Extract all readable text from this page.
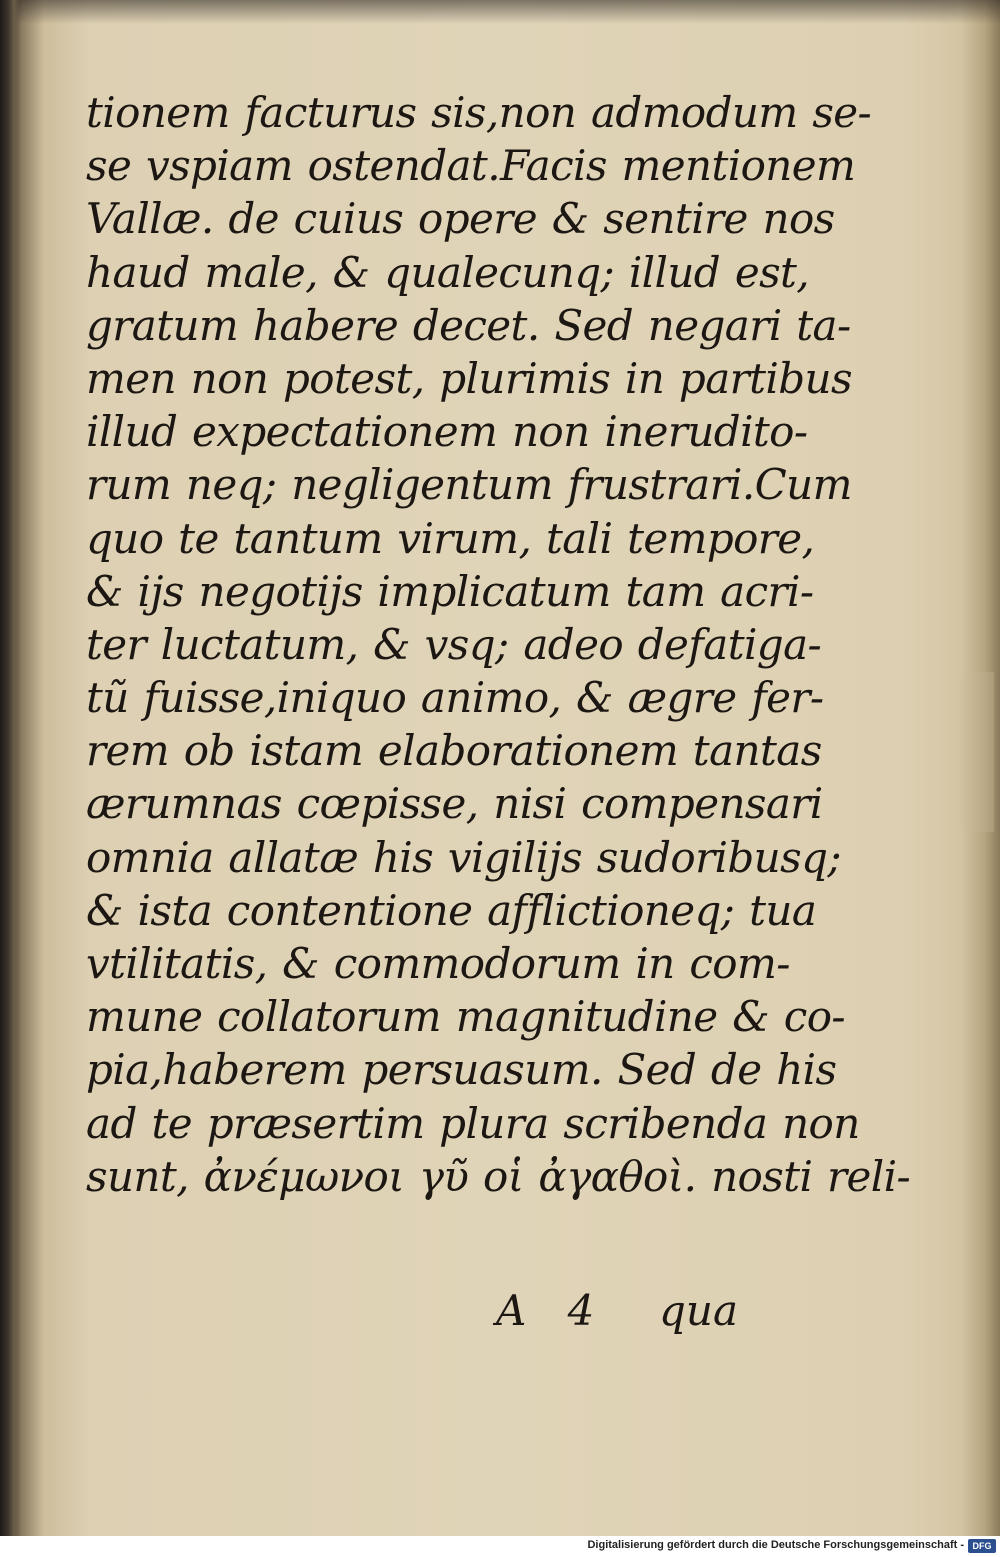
tionem facturus sis,non admodum se-
se vspiam ostendat.Facis mentionem
Vallæ. de cuius opere & sentire nos
haud male, & qualecunq; illud est,
gratum habere decet. Sed negari ta-
men non potest, plurimis in partibus
illud expectationem non inerudito-
rum neq; negligentum frustrari.Cum
quo te tantum virum, tali tempore,
& ijs negotijs implicatum tam acri-
ter luctatum, & vsq; adeo defatiga-
tũ fuisse,iniquo animo, & ægre fer-
rem ob istam elaborationem tantas
ærumnas cœpisse, nisi compensari
omnia allatæ his vigilijs sudoribusq;
& ista contentione afflictioneq; tua
vtilitatis, & commodorum in com-
mune collatorum magnitudine & co-
pia,haberem persuasum. Sed de his
ad te præsertim plura scribenda non
sunt, ἀνέμωνοι γῦ οἱ ἀγαθοὶ. nosti reli-
A 4 qua
Digitalisierung gefördert durch die Deutsche Forschungsgemeinschaft - DFG
